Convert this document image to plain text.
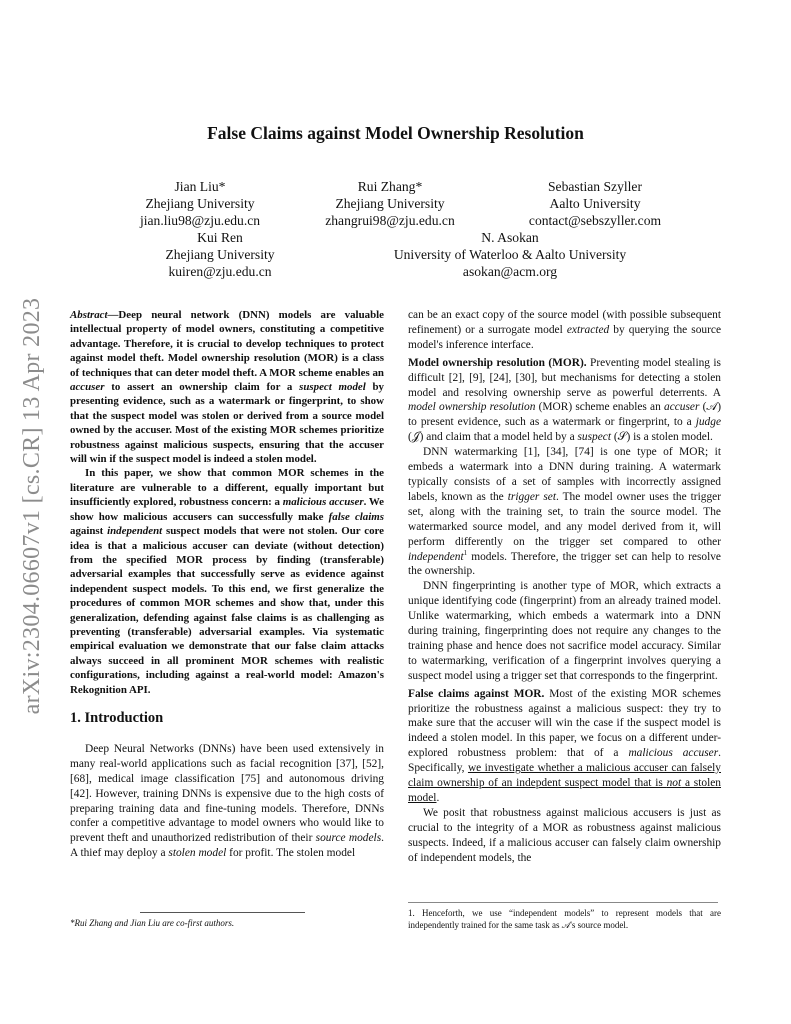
arXiv:2304.06607v1 [cs.CR] 13 Apr 2023
False Claims against Model Ownership Resolution
Jian Liu*
Zhejiang University
jian.liu98@zju.edu.cn
Rui Zhang*
Zhejiang University
zhangrui98@zju.edu.cn
Sebastian Szyller
Aalto University
contact@sebszyller.com
Kui Ren
Zhejiang University
kuiren@zju.edu.cn
N. Asokan
University of Waterloo & Aalto University
asokan@acm.org

Abstract—Deep neural network (DNN) models are valuable intellectual property of model owners, constituting a competitive advantage. Therefore, it is crucial to develop techniques to protect against model theft. Model ownership resolution (MOR) is a class of techniques that can deter model theft. A MOR scheme enables an accuser to assert an ownership claim for a suspect model by presenting evidence, such as a watermark or fingerprint, to show that the suspect model was stolen or derived from a source model owned by the accuser. Most of the existing MOR schemes prioritize robustness against malicious suspects, ensuring that the accuser will win if the suspect model is indeed a stolen model.

In this paper, we show that common MOR schemes in the literature are vulnerable to a different, equally important but insufficiently explored, robustness concern: a malicious accuser. We show how malicious accusers can successfully make false claims against independent suspect models that were not stolen. Our core idea is that a malicious accuser can deviate (without detection) from the specified MOR process by finding (transferable) adversarial examples that successfully serve as evidence against independent suspect models. To this end, we first generalize the procedures of common MOR schemes and show that, under this generalization, defending against false claims is as challenging as preventing (transferable) adversarial examples. Via systematic empirical evaluation we demonstrate that our false claim attacks always succeed in all prominent MOR schemes with realistic configurations, including against a real-world model: Amazon's Rekognition API.

1. Introduction

Deep Neural Networks (DNNs) have been used extensively in many real-world applications such as facial recognition [37], [52], [68], medical image classification [75] and autonomous driving [42]. However, training DNNs is expensive due to the high costs of preparing training data and fine-tuning models. Therefore, DNNs confer a competitive advantage to model owners who would like to prevent theft and unauthorized redistribution of their source models. A thief may deploy a stolen model for profit. The stolen model

*Rui Zhang and Jian Liu are co-first authors.

can be an exact copy of the source model (with possible subsequent refinement) or a surrogate model extracted by querying the source model's inference interface.

Model ownership resolution (MOR). Preventing model stealing is difficult [2], [9], [24], [30], but mechanisms for detecting a stolen model and resolving ownership serve as powerful deterrents. A model ownership resolution (MOR) scheme enables an accuser (𝒜) to present evidence, such as a watermark or fingerprint, to a judge (𝒥) and claim that a model held by a suspect (𝒮) is a stolen model.

DNN watermarking [1], [34], [74] is one type of MOR; it embeds a watermark into a DNN during training. A watermark typically consists of a set of samples with incorrectly assigned labels, known as the trigger set. The model owner uses the trigger set, along with the training set, to train the source model. The watermarked source model, and any model derived from it, will perform differently on the trigger set compared to other independent$^1$ models. Therefore, the trigger set can help to resolve the ownership.

DNN fingerprinting is another type of MOR, which extracts a unique identifying code (fingerprint) from an already trained model. Unlike watermarking, which embeds a watermark into a DNN during training, fingerprinting does not require any changes to the training phase and hence does not sacrifice model accuracy. Similar to watermarking, verification of a fingerprint involves querying a suspect model using a trigger set that corresponds to the fingerprint.

False claims against MOR. Most of the existing MOR schemes prioritize the robustness against a malicious suspect: they try to make sure that the accuser will win the case if the suspect model is indeed a stolen model. In this paper, we focus on a different under-explored robustness problem: that of a malicious accuser. Specifically, we investigate whether a malicious accuser can falsely claim ownership of an indepdent suspect model that is not a stolen model.

We posit that robustness against malicious accusers is just as crucial to the integrity of a MOR as robustness against malicious suspects. Indeed, if a malicious accuser can falsely claim ownership of independent models, the

1. Henceforth, we use “independent models” to represent models that are independently trained for the same task as 𝒜's source model.
